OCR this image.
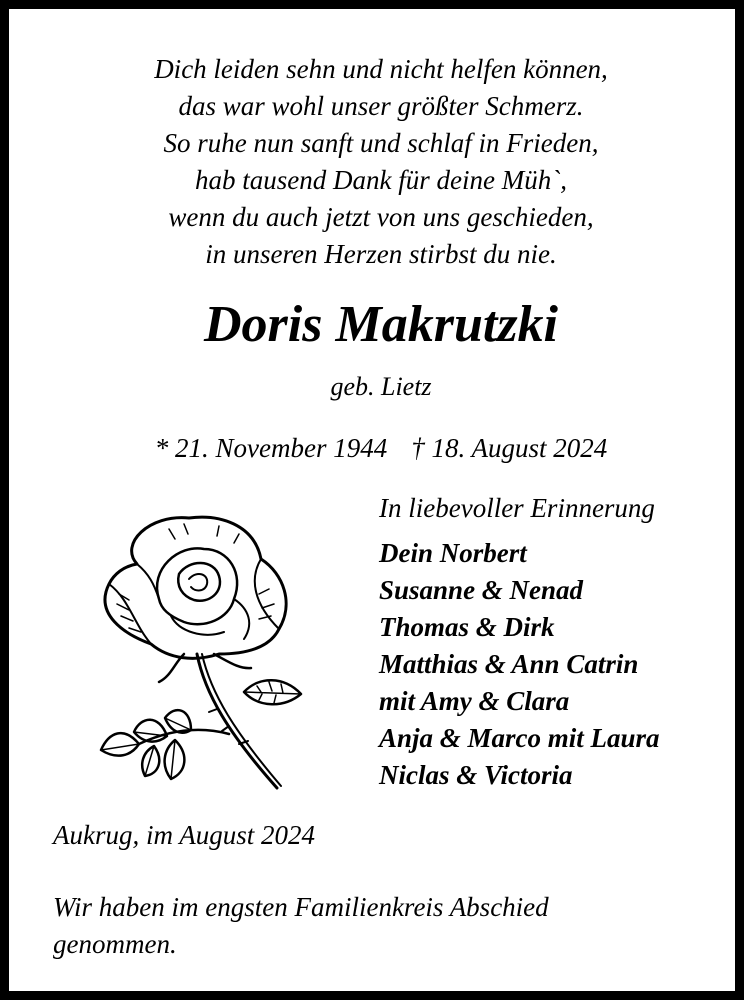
Dich leiden sehn und nicht helfen können,
das war wohl unser größter Schmerz.
So ruhe nun sanft und schlaf in Frieden,
hab tausend Dank für deine Müh`,
wenn du auch jetzt von uns geschieden,
in unseren Herzen stirbst du nie.
Doris Makrutzki
geb. Lietz
* 21. November 1944 † 18. August 2024
In liebevoller Erinnerung
Dein Norbert
Susanne & Nenad
Thomas & Dirk
Matthias & Ann Catrin
mit Amy & Clara
Anja & Marco mit Laura
Niclas & Victoria
Aukrug, im August 2024
Wir haben im engsten Familienkreis Abschied genommen.
